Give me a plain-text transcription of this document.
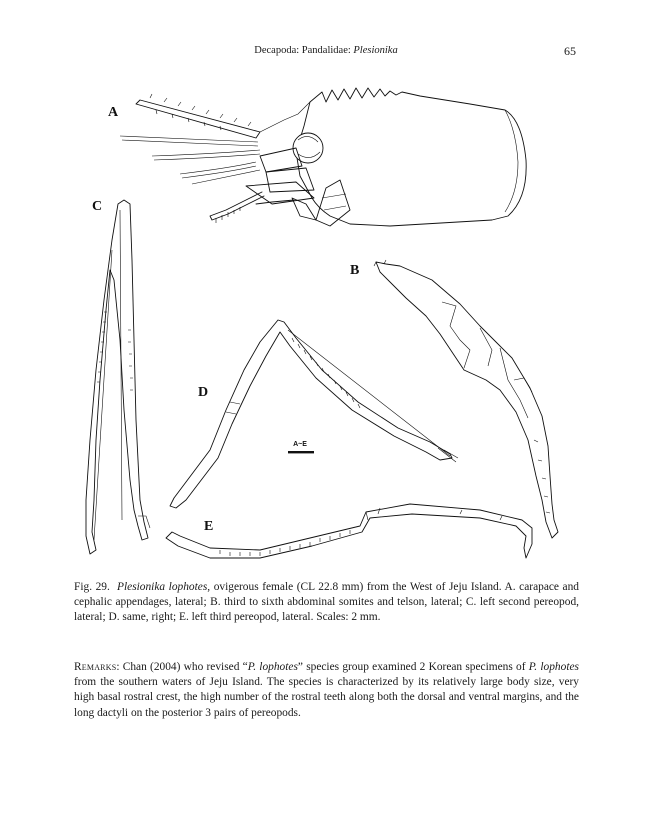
Decapoda: Pandalidae: Plesionika	65
A~E
A
B
C
D
E
Fig. 29. Plesionika lophotes, ovigerous female (CL 22.8 mm) from the West of Jeju Island. A. carapace and cephalic appendages, lateral; B. third to sixth abdominal somites and telson, lateral; C. left second pereopod, lateral; D. same, right; E. left third pereopod, lateral. Scales: 2 mm.
Remarks: Chan (2004) who revised “P. lophotes” species group examined 2 Korean specimens of P. lophotes from the southern waters of Jeju Island. The species is characterized by its relatively large body size, very high basal rostral crest, the high number of the rostral teeth along both the dorsal and ventral margins, and the long dactyli on the posterior 3 pairs of pereopods.
